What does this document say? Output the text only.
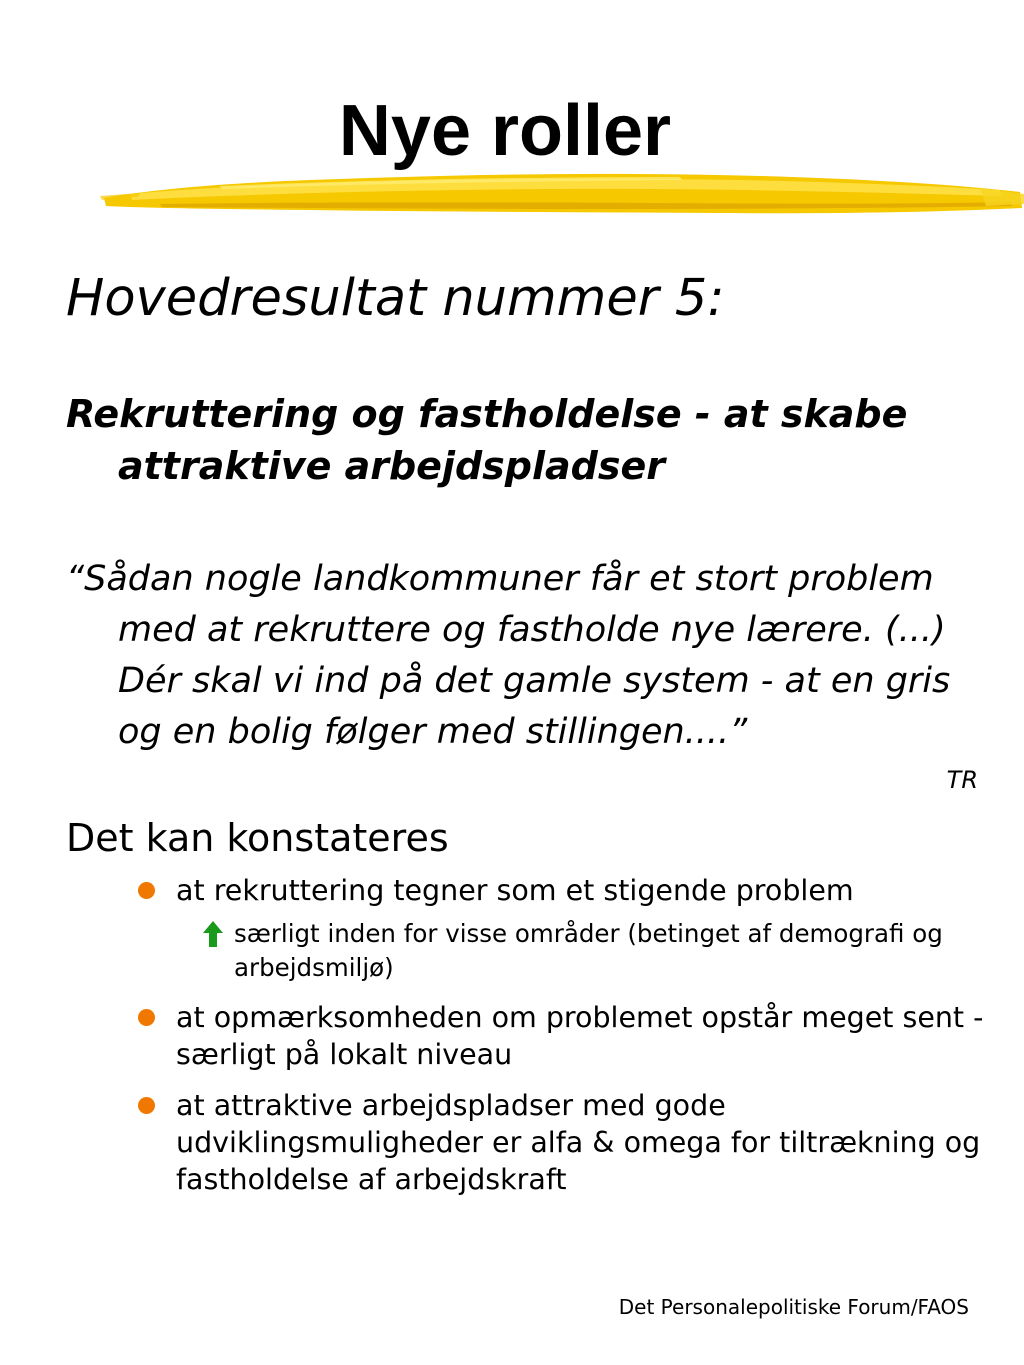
Nye roller
Hovedresultat nummer 5:

Rekruttering og fastholdelse - at skabe attraktive arbejdspladser

“Sådan nogle landkommuner får et stort problem med at rekruttere og fastholde nye lærere. (...) Dér skal vi ind på det gamle system - at en gris og en bolig følger med stillingen....”

TR

Det kan konstateres

at rekruttering tegner som et stigende problem
særligt inden for visse områder (betinget af demografi og arbejdsmiljø)
at opmærksomheden om problemet opstår meget sent - særligt på lokalt niveau
at attraktive arbejdspladser med gode udviklingsmuligheder er alfa & omega for tiltrækning og fastholdelse af arbejdskraft

Det Personalepolitiske Forum/FAOS
